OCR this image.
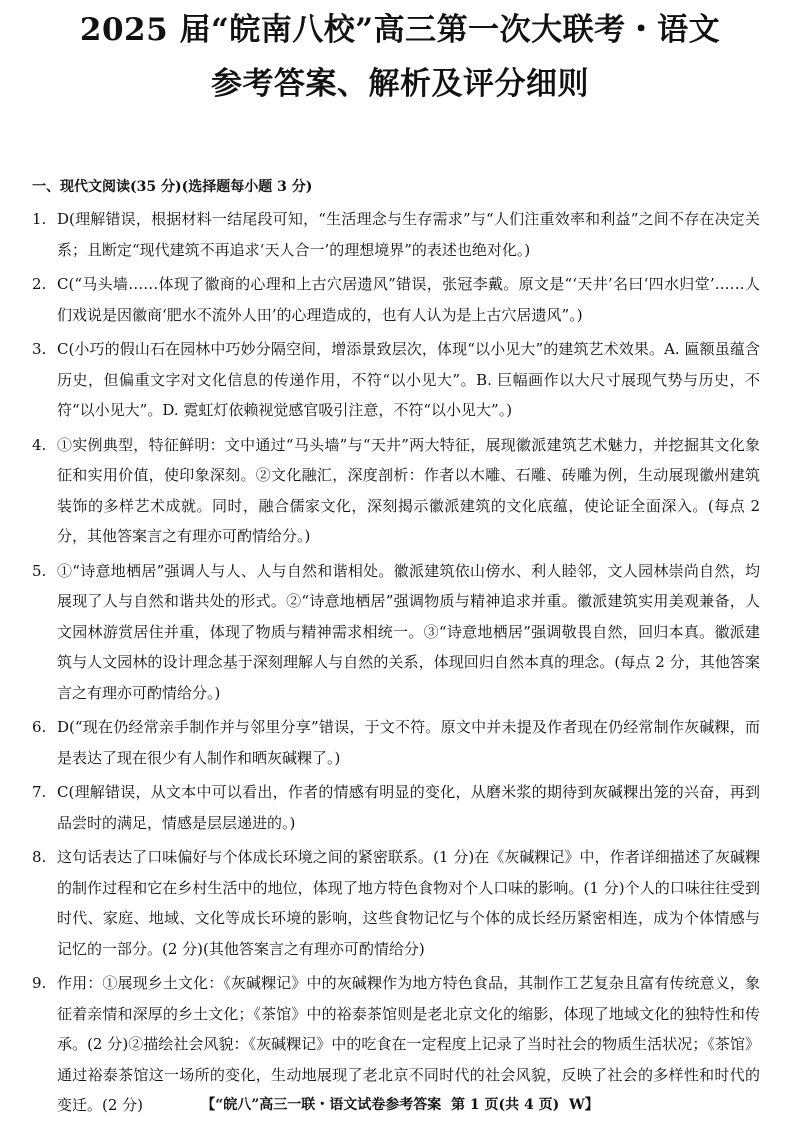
2025 届“皖南八校”高三第一次大联考・语文
参考答案、解析及评分细则
一、现代文阅读(35 分)(选择题每小题 3 分)
1. D(理解错误，根据材料一结尾段可知，“生活理念与生存需求”与“人们注重效率和利益”之间不存在决定关系；且断定“现代建筑不再追求‘天人合一’的理想境界”的表述也绝对化。)
2. C(“马头墙……体现了徽商的心理和上古穴居遗风”错误，张冠李戴。原文是“‘天井’名曰‘四水归堂’……人们戏说是因徽商‘肥水不流外人田’的心理造成的，也有人认为是上古穴居遗风”。)
3. C(小巧的假山石在园林中巧妙分隔空间，增添景致层次，体现“以小见大”的建筑艺术效果。A. 匾额虽蕴含历史，但偏重文字对文化信息的传递作用，不符“以小见大”。B. 巨幅画作以大尺寸展现气势与历史，不符“以小见大”。D. 霓虹灯依赖视觉感官吸引注意，不符“以小见大”。)
4. ①实例典型，特征鲜明：文中通过“马头墙”与“天井”两大特征，展现徽派建筑艺术魅力，并挖掘其文化象征和实用价值，使印象深刻。②文化融汇，深度剖析：作者以木雕、石雕、砖雕为例，生动展现徽州建筑装饰的多样艺术成就。同时，融合儒家文化，深刻揭示徽派建筑的文化底蕴，使论证全面深入。(每点 2 分，其他答案言之有理亦可酌情给分。)
5. ①“诗意地栖居”强调人与人、人与自然和谐相处。徽派建筑依山傍水、利人睦邻，文人园林崇尚自然，均展现了人与自然和谐共处的形式。②“诗意地栖居”强调物质与精神追求并重。徽派建筑实用美观兼备，人文园林游赏居住并重，体现了物质与精神需求相统一。③“诗意地栖居”强调敬畏自然，回归本真。徽派建筑与人文园林的设计理念基于深刻理解人与自然的关系，体现回归自然本真的理念。(每点 2 分，其他答案言之有理亦可酌情给分。)
6. D(“现在仍经常亲手制作并与邻里分享”错误，于文不符。原文中并未提及作者现在仍经常制作灰碱粿，而是表达了现在很少有人制作和晒灰碱粿了。)
7. C(理解错误，从文本中可以看出，作者的情感有明显的变化，从磨米浆的期待到灰碱粿出笼的兴奋，再到品尝时的满足，情感是层层递进的。)
8. 这句话表达了口味偏好与个体成长环境之间的紧密联系。(1 分)在《灰碱粿记》中，作者详细描述了灰碱粿的制作过程和它在乡村生活中的地位，体现了地方特色食物对个人口味的影响。(1 分)个人的口味往往受到时代、家庭、地域、文化等成长环境的影响，这些食物记忆与个体的成长经历紧密相连，成为个体情感与记忆的一部分。(2 分)(其他答案言之有理亦可酌情给分)
9. 作用：①展现乡土文化：《灰碱粿记》中的灰碱粿作为地方特色食品，其制作工艺复杂且富有传统意义，象征着亲情和深厚的乡土文化；《茶馆》中的裕泰茶馆则是老北京文化的缩影，体现了地域文化的独特性和传承。(2 分)②描绘社会风貌：《灰碱粿记》中的吃食在一定程度上记录了当时社会的物质生活状况；《茶馆》通过裕泰茶馆这一场所的变化，生动地展现了老北京不同时代的社会风貌，反映了社会的多样性和时代的变迁。(2 分)	【“皖八”高三一联・语文试卷参考答案 第 1 页(共 4 页) W】
